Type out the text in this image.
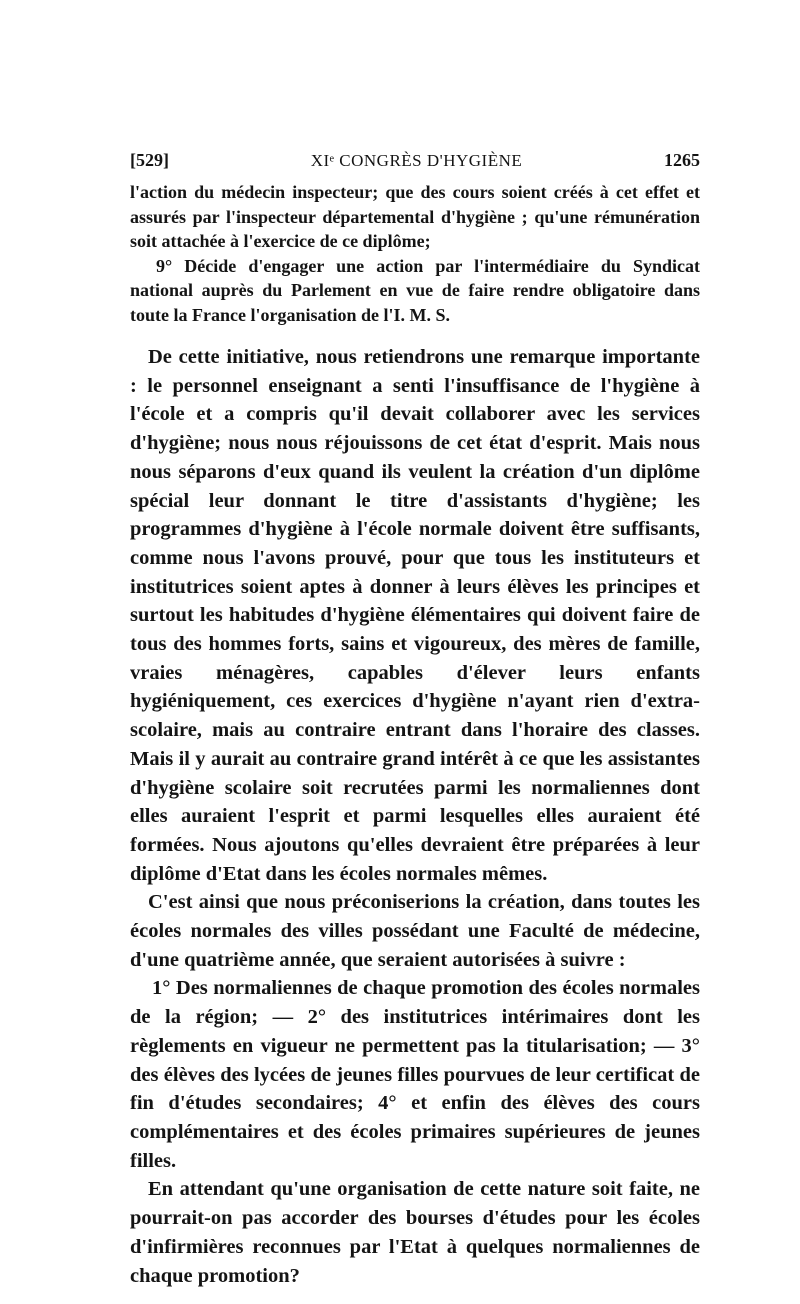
[529]	XIᵉ CONGRÈS D'HYGIÈNE	1265

l'action du médecin inspecteur; que des cours soient créés à cet effet et assurés par l'inspecteur départemental d'hygiène ; qu'une rémunération soit attachée à l'exercice de ce diplôme;

9° Décide d'engager une action par l'intermédiaire du Syndicat national auprès du Parlement en vue de faire rendre obligatoire dans toute la France l'organisation de l'I. M. S.

De cette initiative, nous retiendrons une remarque importante : le personnel enseignant a senti l'insuffisance de l'hygiène à l'école et a compris qu'il devait collaborer avec les services d'hygiène; nous nous réjouissons de cet état d'esprit. Mais nous nous séparons d'eux quand ils veulent la création d'un diplôme spécial leur donnant le titre d'assistants d'hygiène; les programmes d'hygiène à l'école normale doivent être suffisants, comme nous l'avons prouvé, pour que tous les instituteurs et institutrices soient aptes à donner à leurs élèves les principes et surtout les habitudes d'hygiène élémentaires qui doivent faire de tous des hommes forts, sains et vigoureux, des mères de famille, vraies ménagères, capables d'élever leurs enfants hygiéniquement, ces exercices d'hygiène n'ayant rien d'extra-scolaire, mais au contraire entrant dans l'horaire des classes. Mais il y aurait au contraire grand intérêt à ce que les assistantes d'hygiène scolaire soit recrutées parmi les normaliennes dont elles auraient l'esprit et parmi lesquelles elles auraient été formées. Nous ajoutons qu'elles devraient être préparées à leur diplôme d'Etat dans les écoles normales mêmes.

C'est ainsi que nous préconiserions la création, dans toutes les écoles normales des villes possédant une Faculté de médecine, d'une quatrième année, que seraient autorisées à suivre :

1° Des normaliennes de chaque promotion des écoles normales de la région; — 2° des institutrices intérimaires dont les règlements en vigueur ne permettent pas la titularisation; — 3° des élèves des lycées de jeunes filles pourvues de leur certificat de fin d'études secondaires; 4° et enfin des élèves des cours complémentaires et des écoles primaires supérieures de jeunes filles.

En attendant qu'une organisation de cette nature soit faite, ne pourrait-on pas accorder des bourses d'études pour les écoles d'infirmières reconnues par l'Etat à quelques normaliennes de chaque promotion?
